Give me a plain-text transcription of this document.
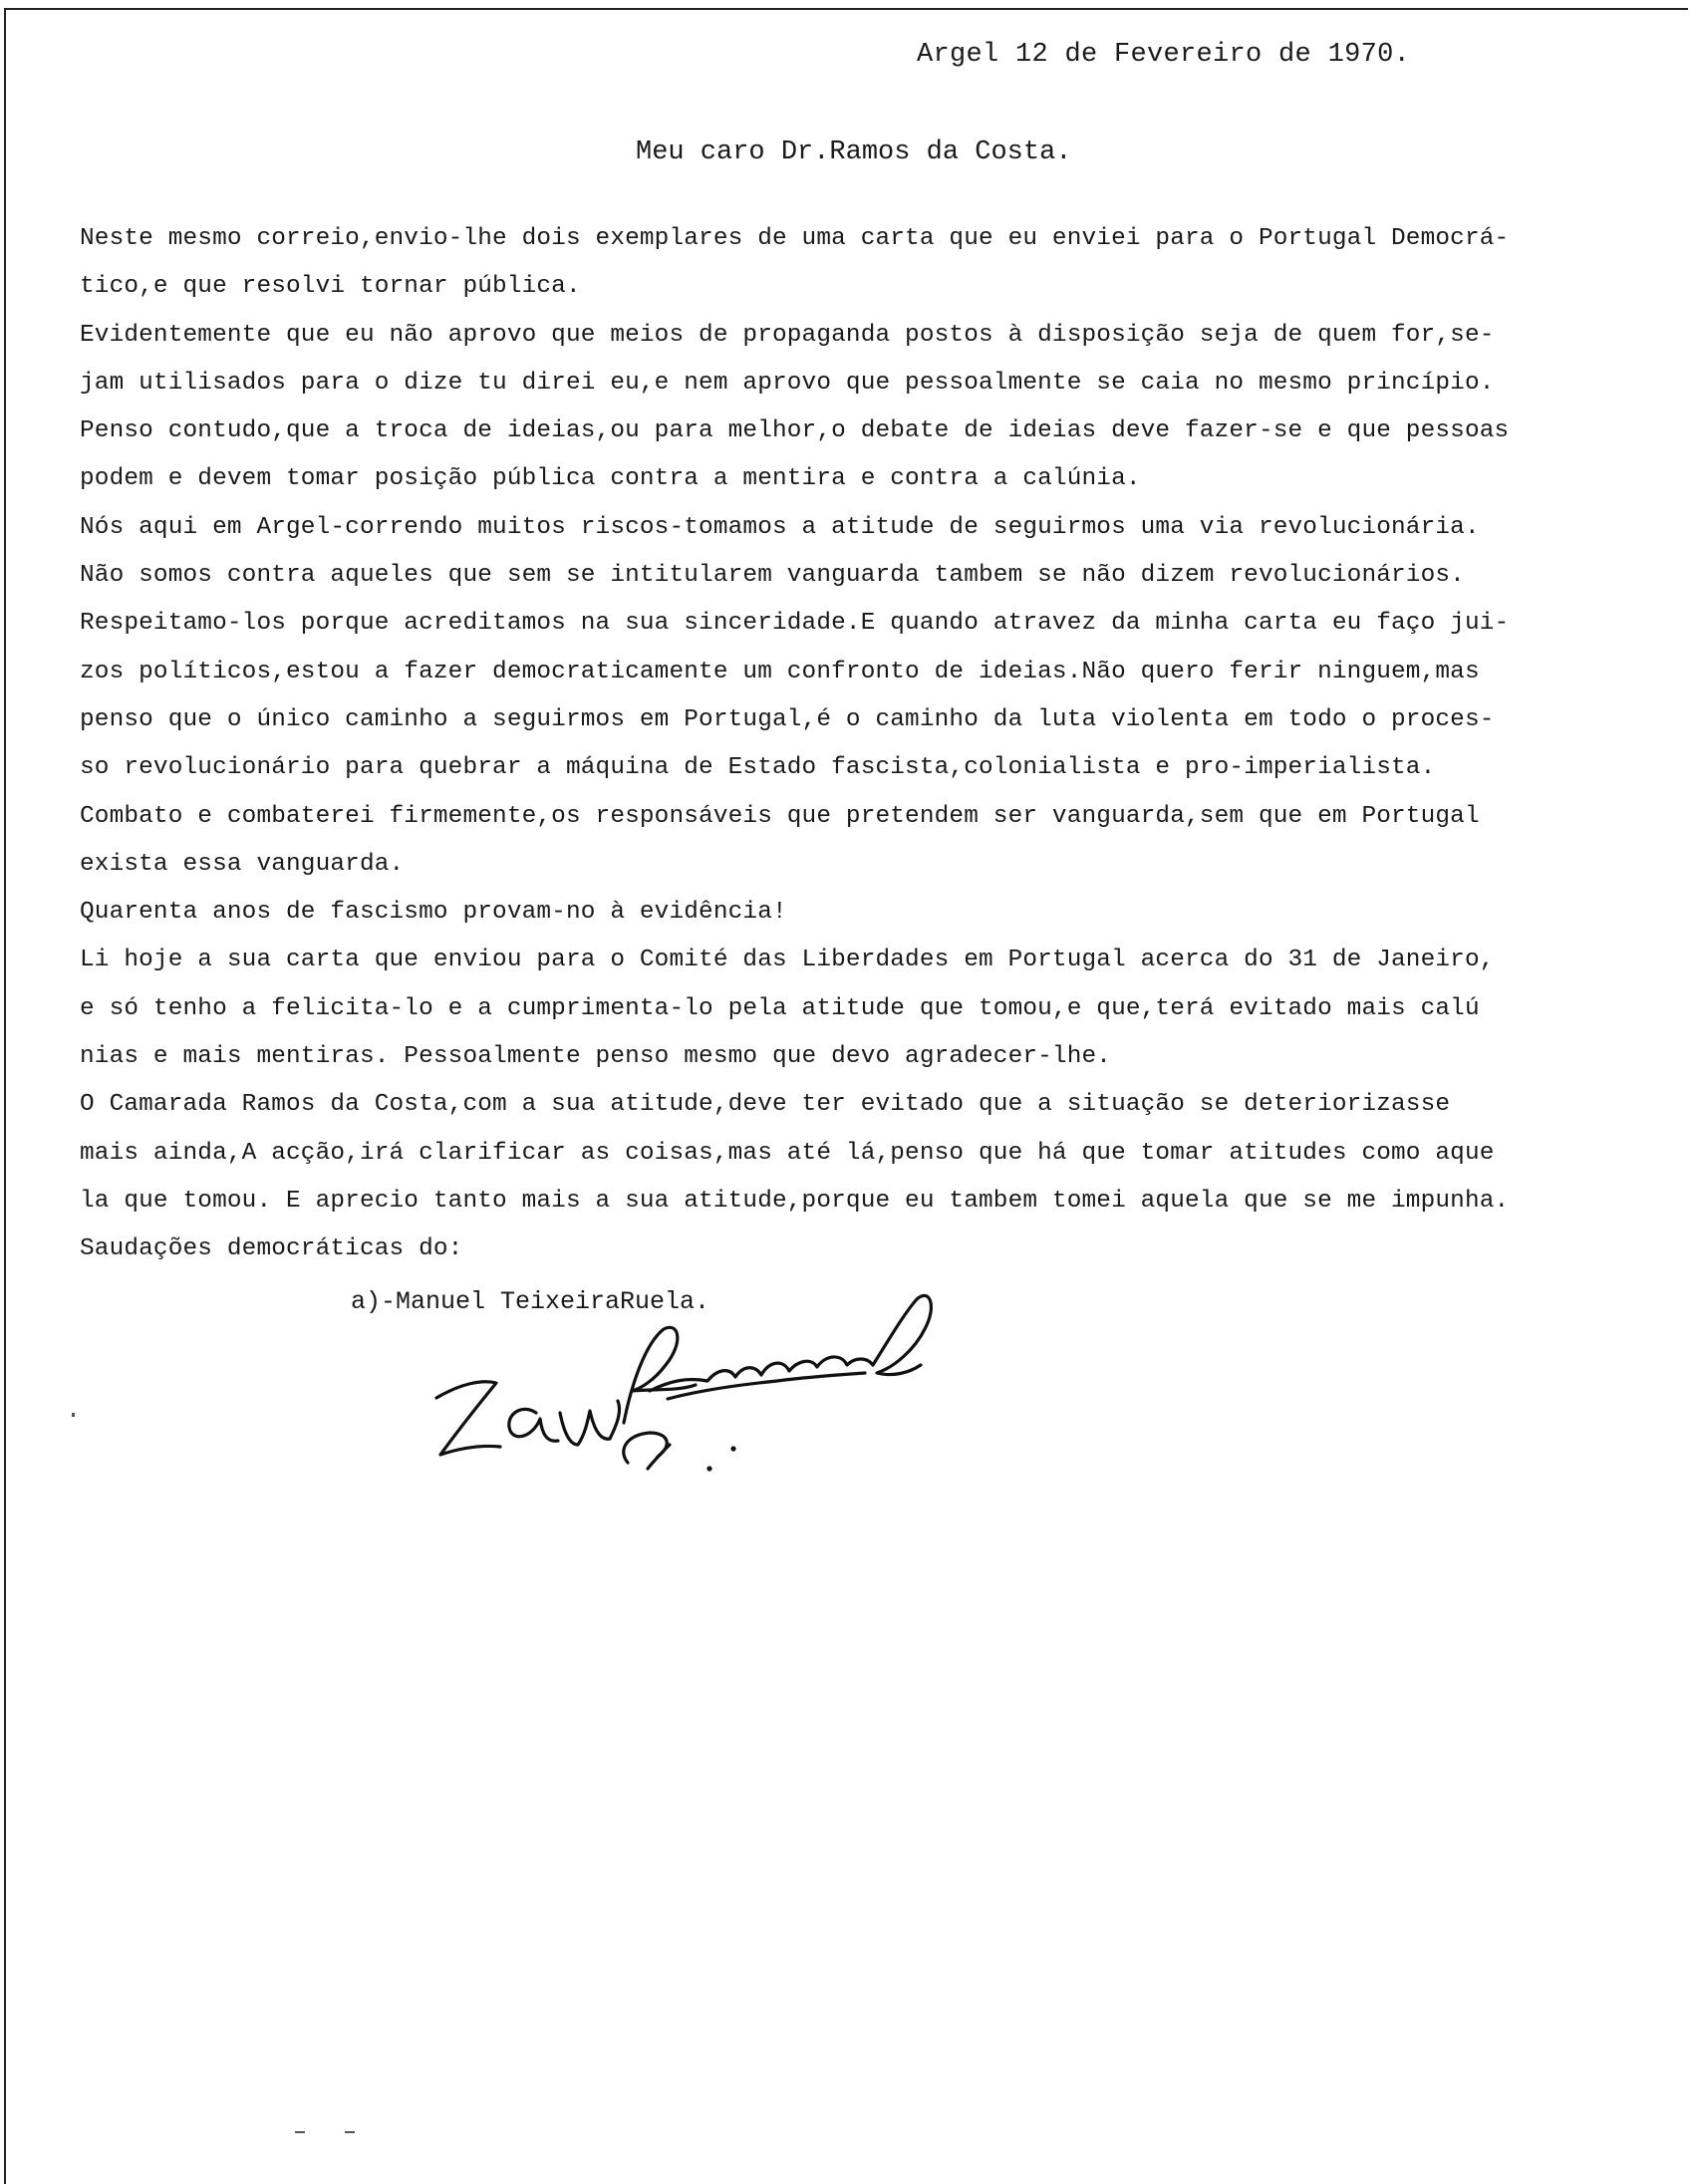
Argel 12 de Fevereiro de 1970.
Meu caro Dr.Ramos da Costa.
Neste mesmo correio,envio-lhe dois exemplares de uma carta que eu enviei para o Portugal Democrá-
tico,e que resolvi tornar pública.
Evidentemente que eu não aprovo que meios de propaganda postos à disposição seja de quem for,se-
jam utilisados para o dize tu direi eu,e nem aprovo que pessoalmente se caia no mesmo princípio.
Penso contudo,que a troca de ideias,ou para melhor,o debate de ideias deve fazer-se e que pessoas
podem e devem tomar posição pública contra a mentira e contra a calúnia.
Nós aqui em Argel-correndo muitos riscos-tomamos a atitude de seguirmos uma via revolucionária.
Não somos contra aqueles que sem se intitularem vanguarda tambem se não dizem revolucionários.
Respeitamo-los porque acreditamos na sua sinceridade.E quando atravez da minha carta eu faço jui-
zos políticos,estou a fazer democraticamente um confronto de ideias.Não quero ferir ninguem,mas
penso que o único caminho a seguirmos em Portugal,é o caminho da luta violenta em todo o proces-
so revolucionário para quebrar a máquina de Estado fascista,colonialista e pro-imperialista.
Combato e combaterei firmemente,os responsáveis que pretendem ser vanguarda,sem que em Portugal
exista essa vanguarda.
Quarenta anos de fascismo provam-no à evidência!
Li hoje a sua carta que enviou para o Comité das Liberdades em Portugal acerca do 31 de Janeiro,
e só tenho a felicita-lo e a cumprimenta-lo pela atitude que tomou,e que,terá evitado mais calú
nias e mais mentiras. Pessoalmente penso mesmo que devo agradecer-lhe.
O Camarada Ramos da Costa,com a sua atitude,deve ter evitado que a situação se deteriorizasse
mais ainda,A acção,irá clarificar as coisas,mas até lá,penso que há que tomar atitudes como aque
la que tomou. E aprecio tanto mais a sua atitude,porque eu tambem tomei aquela que se me impunha.
Saudações democráticas do:
a)-Manuel TeixeiraRuela.
